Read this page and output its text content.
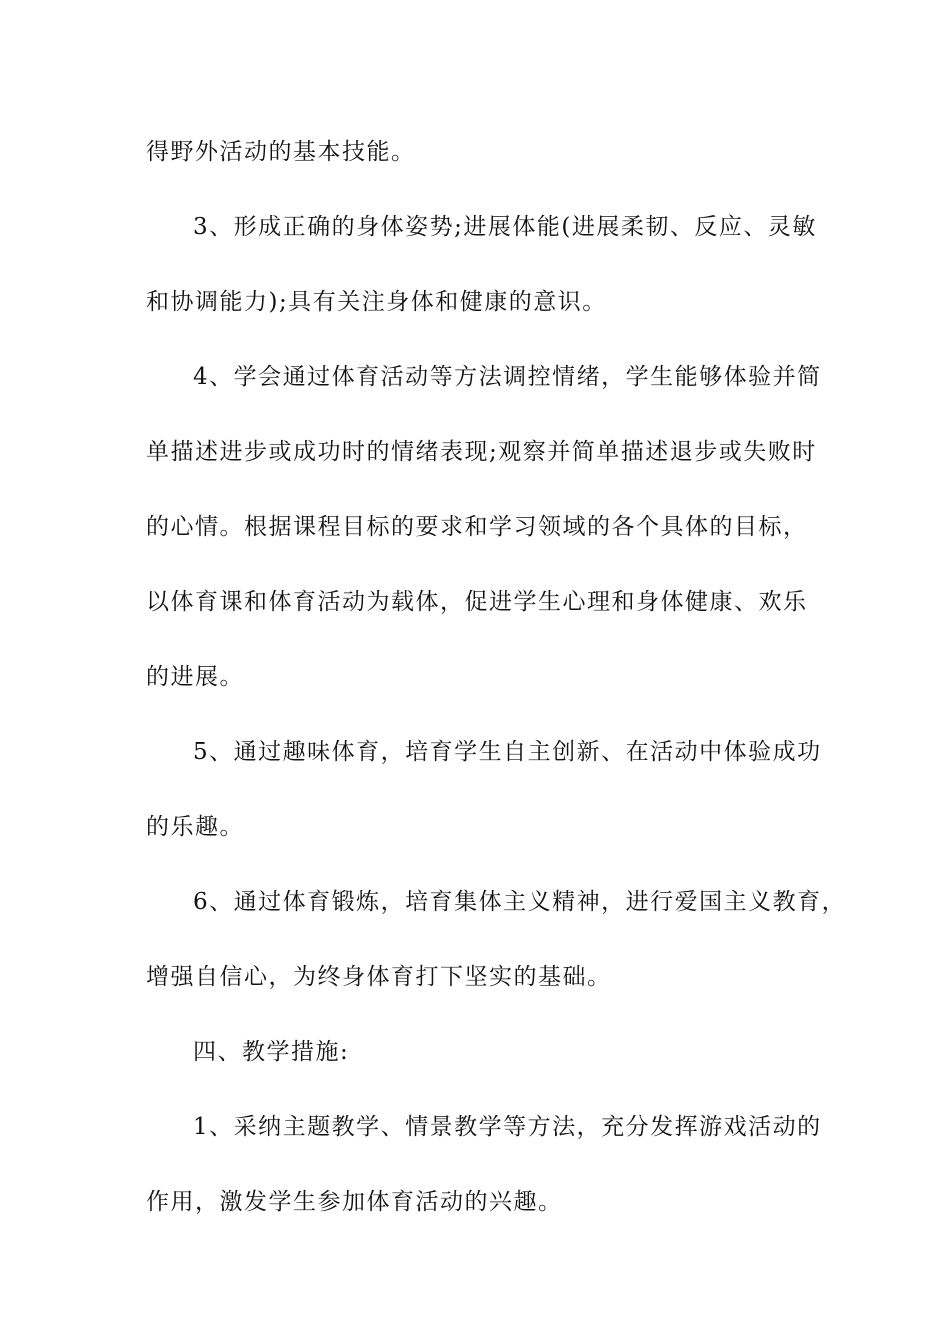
得野外活动的基本技能。
3、形成正确的身体姿势;进展体能(进展柔韧、反应、灵敏
和协调能力);具有关注身体和健康的意识。
4、学会通过体育活动等方法调控情绪，学生能够体验并简
单描述进步或成功时的情绪表现;观察并简单描述退步或失败时
的心情。根据课程目标的要求和学习领域的各个具体的目标，
以体育课和体育活动为载体，促进学生心理和身体健康、欢乐
的进展。
5、通过趣味体育，培育学生自主创新、在活动中体验成功
的乐趣。
6、通过体育锻炼，培育集体主义精神，进行爱国主义教育，
增强自信心，为终身体育打下坚实的基础。
四、教学措施:
1、采纳主题教学、情景教学等方法，充分发挥游戏活动的
作用，激发学生参加体育活动的兴趣。
